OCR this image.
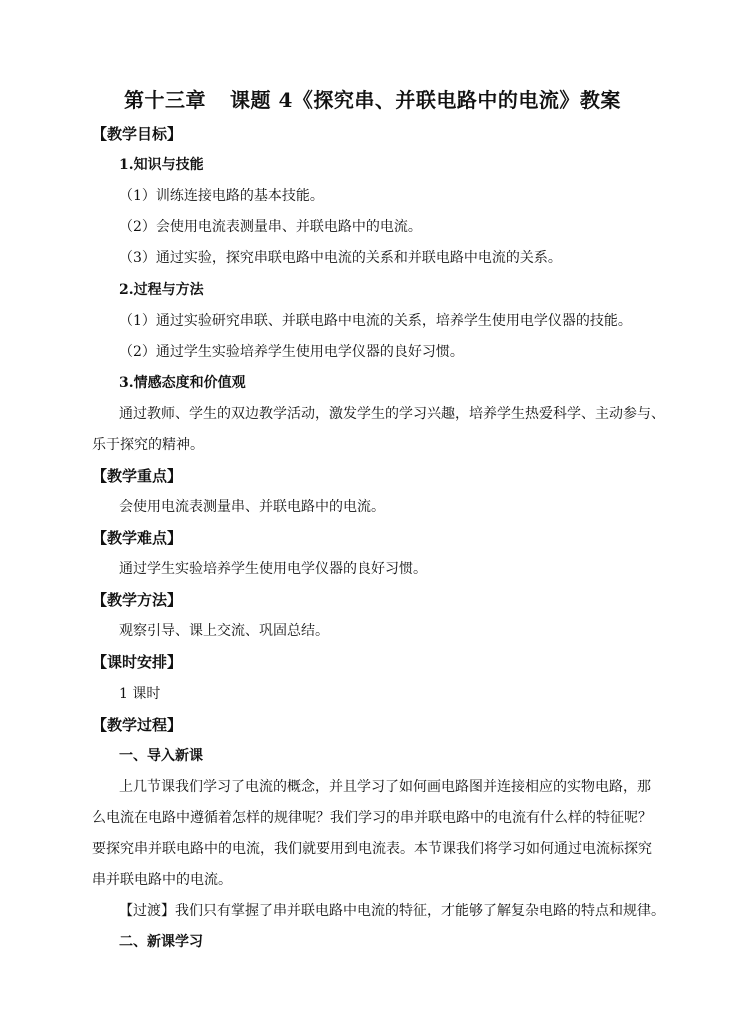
第十三章 课题 4《探究串、并联电路中的电流》教案
【教学目标】
1.知识与技能
（1）训练连接电路的基本技能。
（2）会使用电流表测量串、并联电路中的电流。
（3）通过实验，探究串联电路中电流的关系和并联电路中电流的关系。
2.过程与方法
（1）通过实验研究串联、并联电路中电流的关系，培养学生使用电学仪器的技能。
（2）通过学生实验培养学生使用电学仪器的良好习惯。
3.情感态度和价值观
通过教师、学生的双边教学活动，激发学生的学习兴趣，培养学生热爱科学、主动参与、
乐于探究的精神。
【教学重点】
会使用电流表测量串、并联电路中的电流。
【教学难点】
通过学生实验培养学生使用电学仪器的良好习惯。
【教学方法】
观察引导、课上交流、巩固总结。
【课时安排】
1 课时
【教学过程】
一、导入新课
上几节课我们学习了电流的概念，并且学习了如何画电路图并连接相应的实物电路，那
么电流在电路中遵循着怎样的规律呢？我们学习的串并联电路中的电流有什么样的特征呢？
要探究串并联电路中的电流，我们就要用到电流表。本节课我们将学习如何通过电流标探究
串并联电路中的电流。
【过渡】我们只有掌握了串并联电路中电流的特征，才能够了解复杂电路的特点和规律。
二、新课学习
